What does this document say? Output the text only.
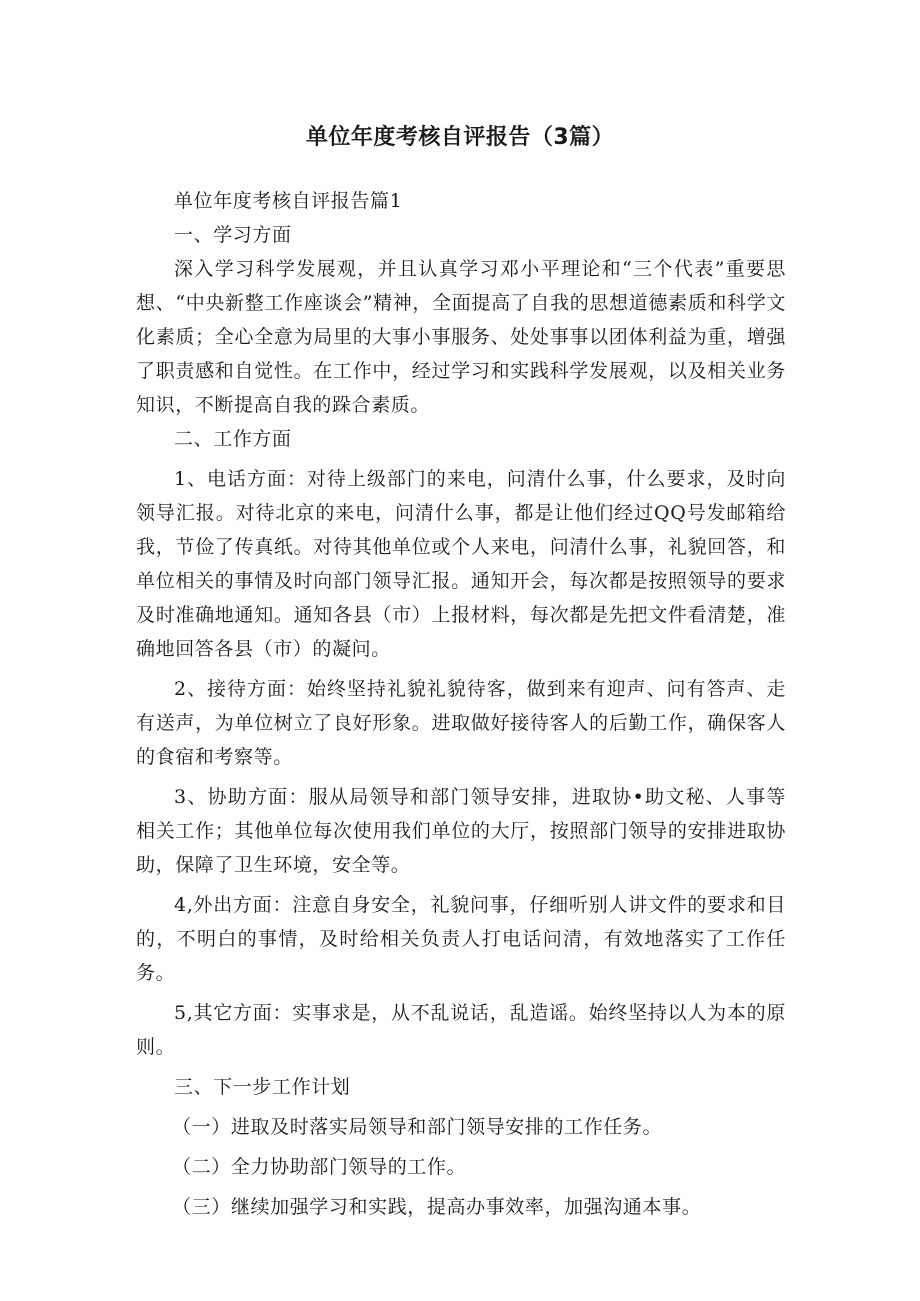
单位年度考核自评报告（3篇）

单位年度考核自评报告篇1

一、学习方面

深入学习科学发展观，并且认真学习邓小平理论和“三个代表”重要思想、“中央新整工作座谈会”精神，全面提高了自我的思想道德素质和科学文化素质；全心全意为局里的大事小事服务、处处事事以团体利益为重，增强了职责感和自觉性。在工作中，经过学习和实践科学发展观，以及相关业务知识，不断提高自我的跺合素质。

二、工作方面

1、电话方面：对待上级部门的来电，问清什么事，什么要求，及时向领导汇报。对待北京的来电，问清什么事，都是让他们经过QQ号发邮箱给我，节俭了传真纸。对待其他单位或个人来电，问清什么事，礼貌回答，和单位相关的事情及时向部门领导汇报。通知开会，每次都是按照领导的要求及时准确地通知。通知各县（市）上报材料，每次都是先把文件看清楚，准确地回答各县（市）的凝问。

2、接待方面：始终坚持礼貌礼貌待客，做到来有迎声、问有答声、走有送声，为单位树立了良好形象。进取做好接待客人的后勤工作，确保客人的食宿和考察等。

3、协助方面：服从局领导和部门领导安排，进取协•助文秘、人事等相关工作；其他单位每次使用我们单位的大厅，按照部门领导的安排进取协助，保障了卫生环境，安全等。

4,外出方面：注意自身安全，礼貌问事，仔细听别人讲文件的要求和目的，不明白的事情，及时给相关负责人打电话问清，有效地落实了工作任务。

5,其它方面：实事求是，从不乱说话，乱造谣。始终坚持以人为本的原则。

三、下一步工作计划

（一）进取及时落实局领导和部门领导安排的工作任务。

（二）全力协助部门领导的工作。

（三）继续加强学习和实践，提高办事效率，加强沟通本事。
